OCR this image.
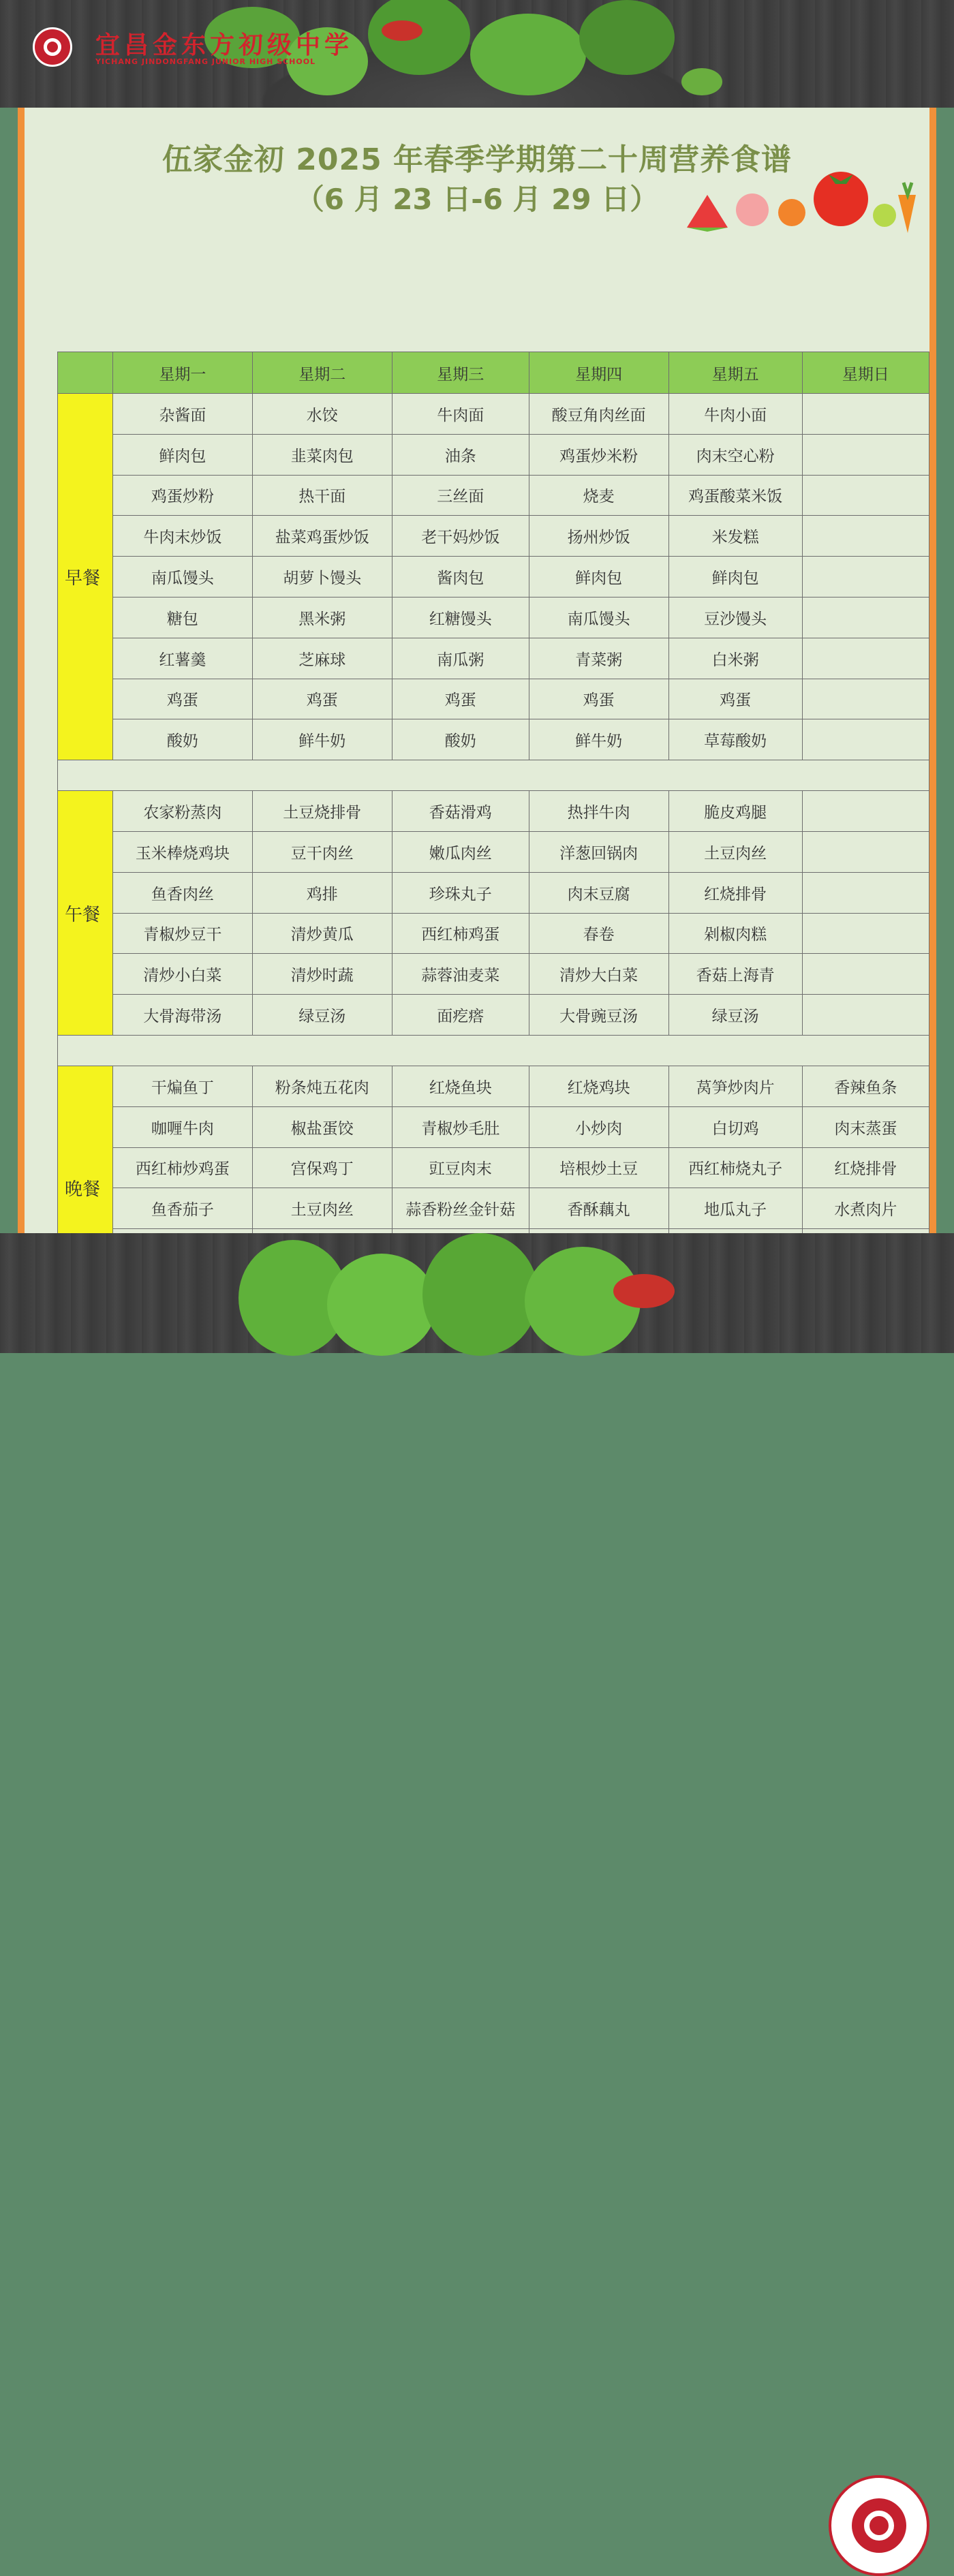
宜昌金东方初级中学
YICHANG JINDONGFANG JUNIOR HIGH SCHOOL
伍家金初 2025 年春季学期第二十周营养食谱
（6 月 23 日-6 月 29 日）
	星期一	星期二	星期三	星期四	星期五	星期日
早餐	杂酱面	水饺	牛肉面	酸豆角肉丝面	牛肉小面	
	鲜肉包	韭菜肉包	油条	鸡蛋炒米粉	肉末空心粉	
	鸡蛋炒粉	热干面	三丝面	烧麦	鸡蛋酸菜米饭	
	牛肉末炒饭	盐菜鸡蛋炒饭	老干妈炒饭	扬州炒饭	米发糕	
	南瓜馒头	胡萝卜馒头	酱肉包	鲜肉包	鲜肉包	
	糖包	黑米粥	红糖馒头	南瓜馒头	豆沙馒头	
	红薯羹	芝麻球	南瓜粥	青菜粥	白米粥	
	鸡蛋	鸡蛋	鸡蛋	鸡蛋	鸡蛋	
	酸奶	鲜牛奶	酸奶	鲜牛奶	草莓酸奶	

午餐	农家粉蒸肉	土豆烧排骨	香菇滑鸡	热拌牛肉	脆皮鸡腿	
	玉米棒烧鸡块	豆干肉丝	嫩瓜肉丝	洋葱回锅肉	土豆肉丝	
	鱼香肉丝	鸡排	珍珠丸子	肉末豆腐	红烧排骨	
	青椒炒豆干	清炒黄瓜	西红柿鸡蛋	春卷	剁椒肉糕	
	清炒小白菜	清炒时蔬	蒜蓉油麦菜	清炒大白菜	香菇上海青	
	大骨海带汤	绿豆汤	面疙瘩	大骨豌豆汤	绿豆汤	

晚餐	干煸鱼丁	粉条炖五花肉	红烧鱼块	红烧鸡块	莴笋炒肉片	香辣鱼条
	咖喱牛肉	椒盐蛋饺	青椒炒毛肚	小炒肉	白切鸡	肉末蒸蛋
	西红柿炒鸡蛋	宫保鸡丁	豇豆肉末	培根炒土豆	西红柿烧丸子	红烧排骨
	鱼香茄子	土豆肉丝	蒜香粉丝金针菇	香酥藕丸	地瓜丸子	水煮肉片
